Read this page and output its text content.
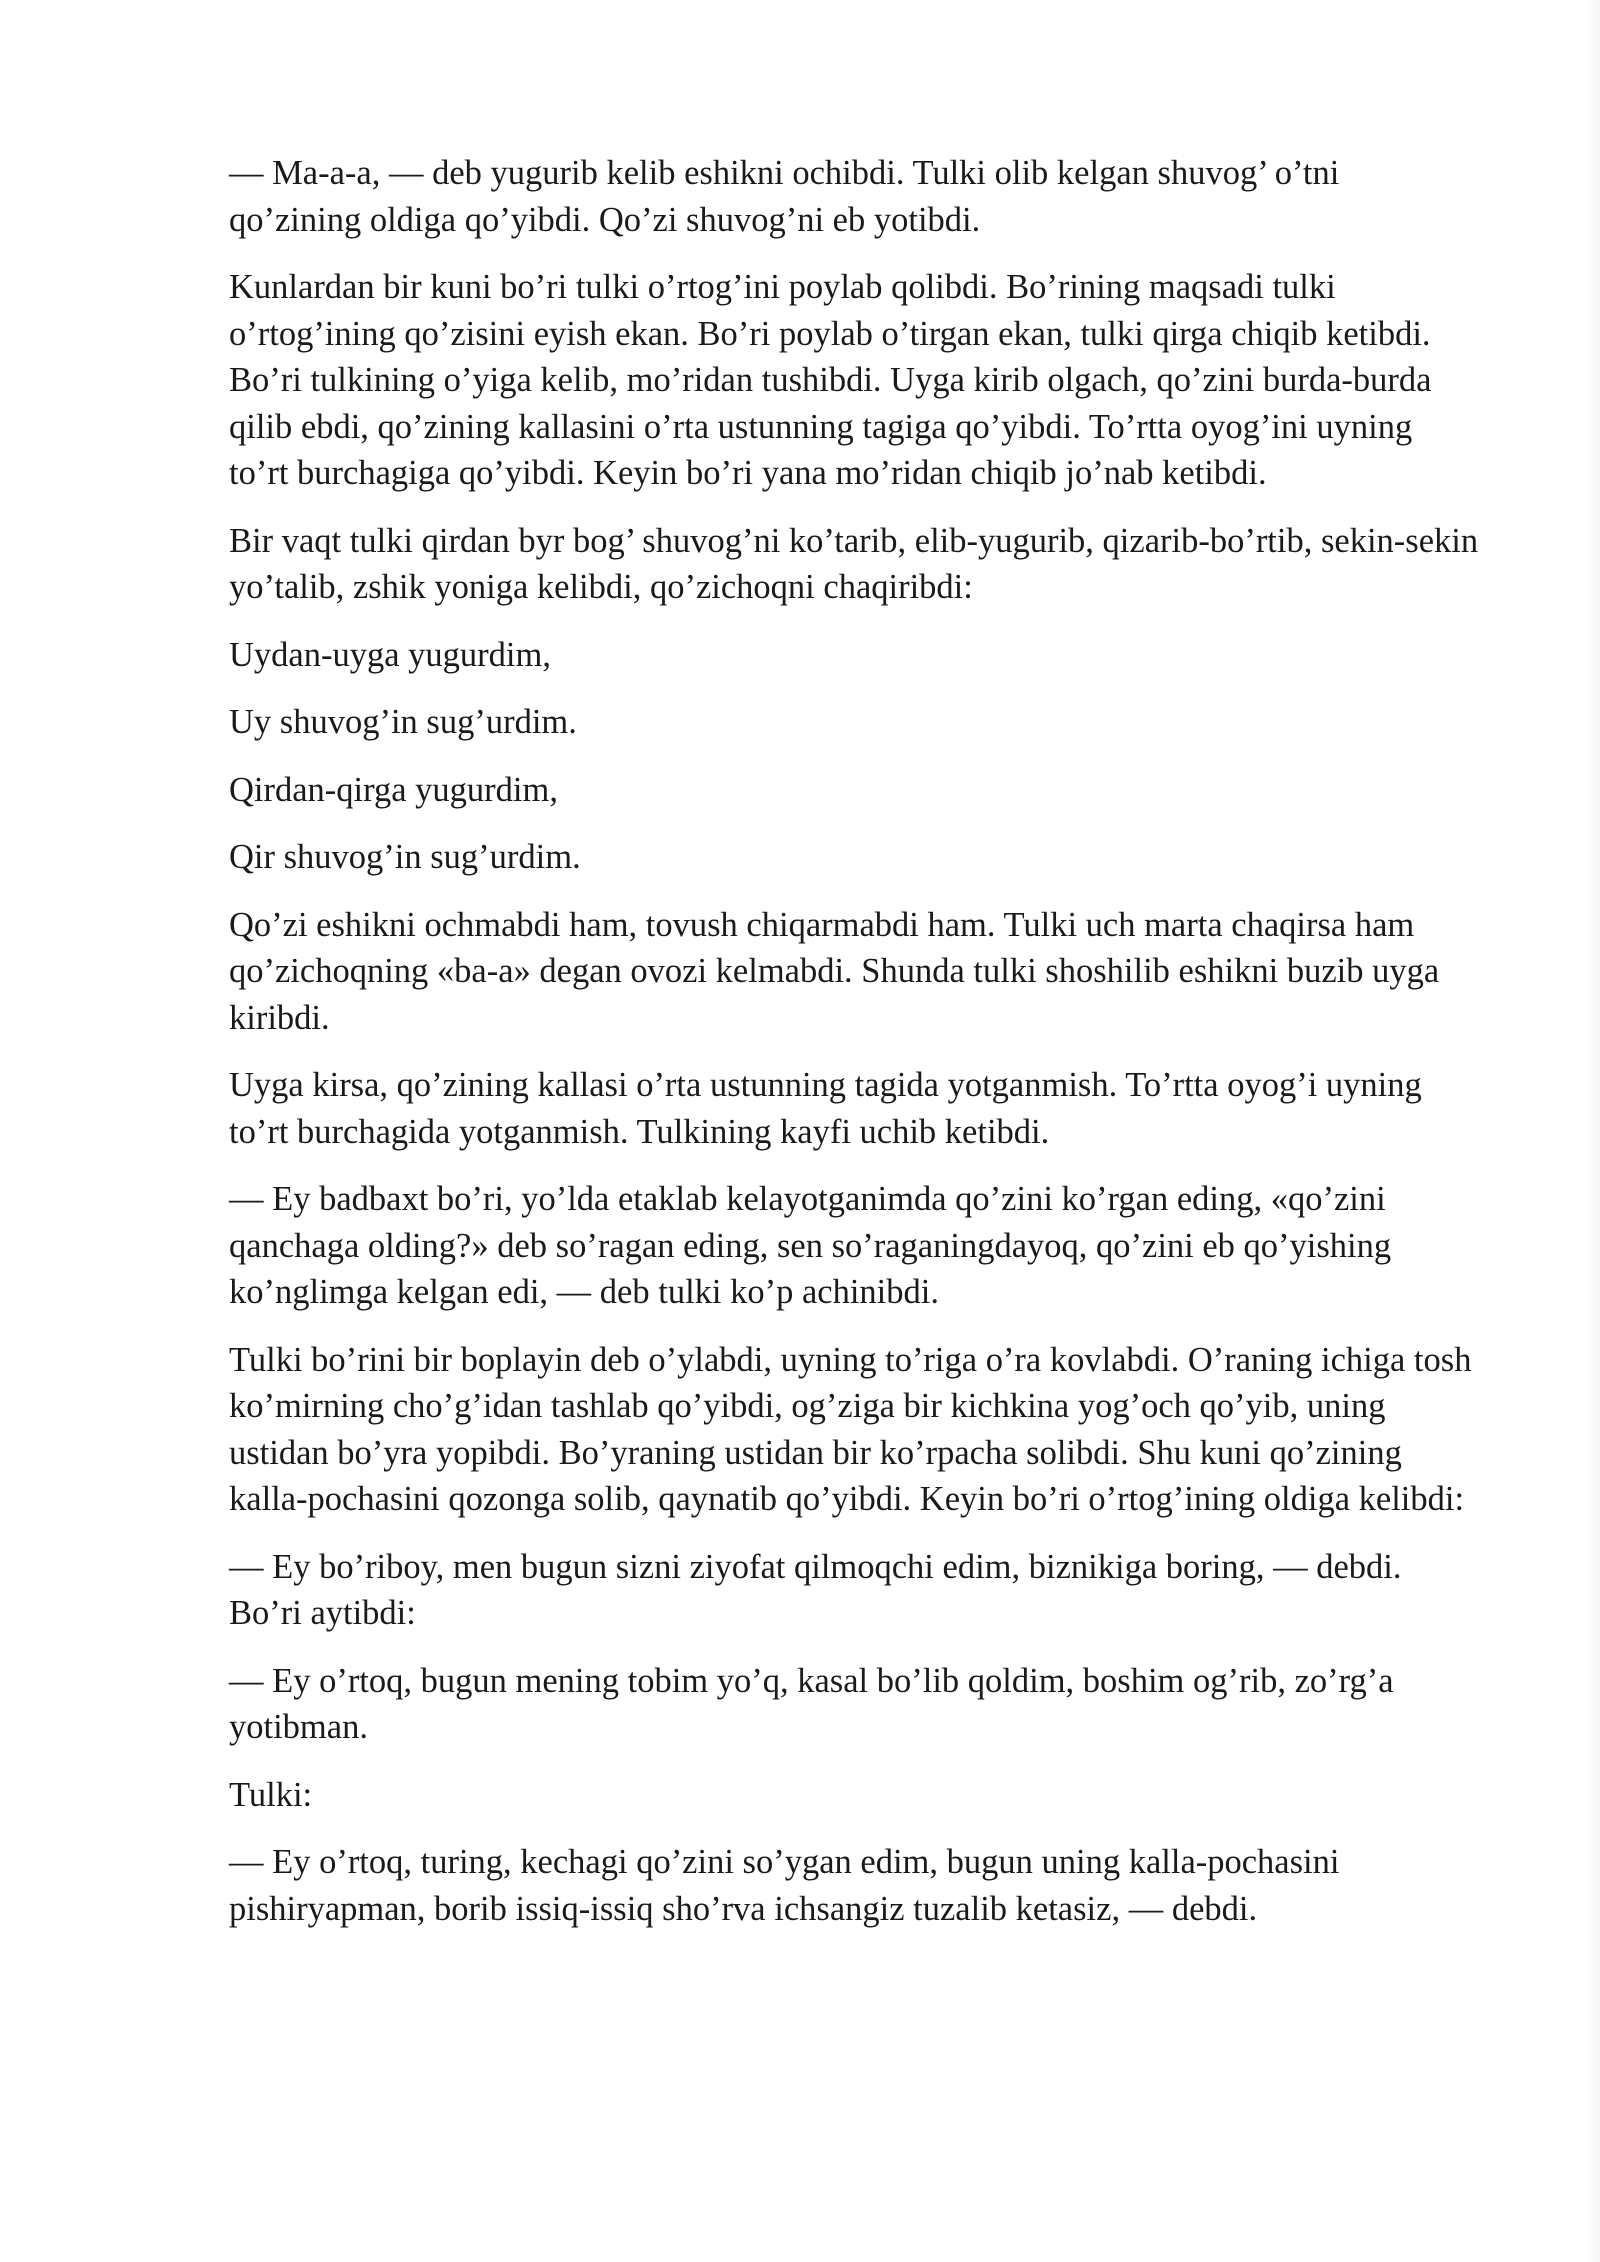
— Ma-a-a, — deb yugurib kelib eshikni ochibdi. Tulki olib kelgan shuvog’ o’tni qo’zining oldiga qo’yibdi. Qo’zi shuvog’ni eb yotibdi.

Kunlardan bir kuni bo’ri tulki o’rtog’ini poylab qolibdi. Bo’rining maqsadi tulki o’rtog’ining qo’zisini eyish ekan. Bo’ri poylab o’tirgan ekan, tulki qirga chiqib ketibdi. Bo’ri tulkining o’yiga kelib, mo’ridan tushibdi. Uyga kirib olgach, qo’zini burda-burda qilib ebdi, qo’zining kallasini o’rta ustunning tagiga qo’yibdi. To’rtta oyog’ini uyning to’rt burchagiga qo’yibdi. Keyin bo’ri yana mo’ridan chiqib jo’nab ketibdi.

Bir vaqt tulki qirdan byr bog’ shuvog’ni ko’tarib, elib-yugurib, qizarib-bo’rtib, sekin-sekin yo’talib, zshik yoniga kelibdi, qo’zichoqni chaqiribdi:

Uydan-uyga yugurdim,

Uy shuvog’in sug’urdim.

Qirdan-qirga yugurdim,

Qir shuvog’in sug’urdim.

Qo’zi eshikni ochmabdi ham, tovush chiqarmabdi ham. Tulki uch marta chaqirsa ham qo’zichoqning «ba-a» degan ovozi kelmabdi. Shunda tulki shoshilib eshikni buzib uyga kiribdi.

Uyga kirsa, qo’zining kallasi o’rta ustunning tagida yotganmish. To’rtta oyog’i uyning to’rt burchagida yotganmish. Tulkining kayfi uchib ketibdi.

— Ey badbaxt bo’ri, yo’lda etaklab kelayotganimda qo’zini ko’rgan eding, «qo’zini qanchaga olding?» deb so’ragan eding, sen so’raganingdayoq, qo’zini eb qo’yishing ko’nglimga kelgan edi, — deb tulki ko’p achinibdi.

Tulki bo’rini bir boplayin deb o’ylabdi, uyning to’riga o’ra kovlabdi. O’raning ichiga tosh ko’mirning cho’g’idan tashlab qo’yibdi, og’ziga bir kichkina yog’och qo’yib, uning ustidan bo’yra yopibdi. Bo’yraning ustidan bir ko’rpacha solibdi. Shu kuni qo’zining kalla-pochasini qozonga solib, qaynatib qo’yibdi. Keyin bo’ri o’rtog’ining oldiga kelibdi:

— Ey bo’riboy, men bugun sizni ziyofat qilmoqchi edim, biznikiga boring, — debdi. Bo’ri aytibdi:

— Ey o’rtoq, bugun mening tobim yo’q, kasal bo’lib qoldim, boshim og’rib, zo’rg’a yotibman.

Tulki:

— Ey o’rtoq, turing, kechagi qo’zini so’ygan edim, bugun uning kalla-pochasini pishiryapman, borib issiq-issiq sho’rva ichsangiz tuzalib ketasiz, — debdi.
